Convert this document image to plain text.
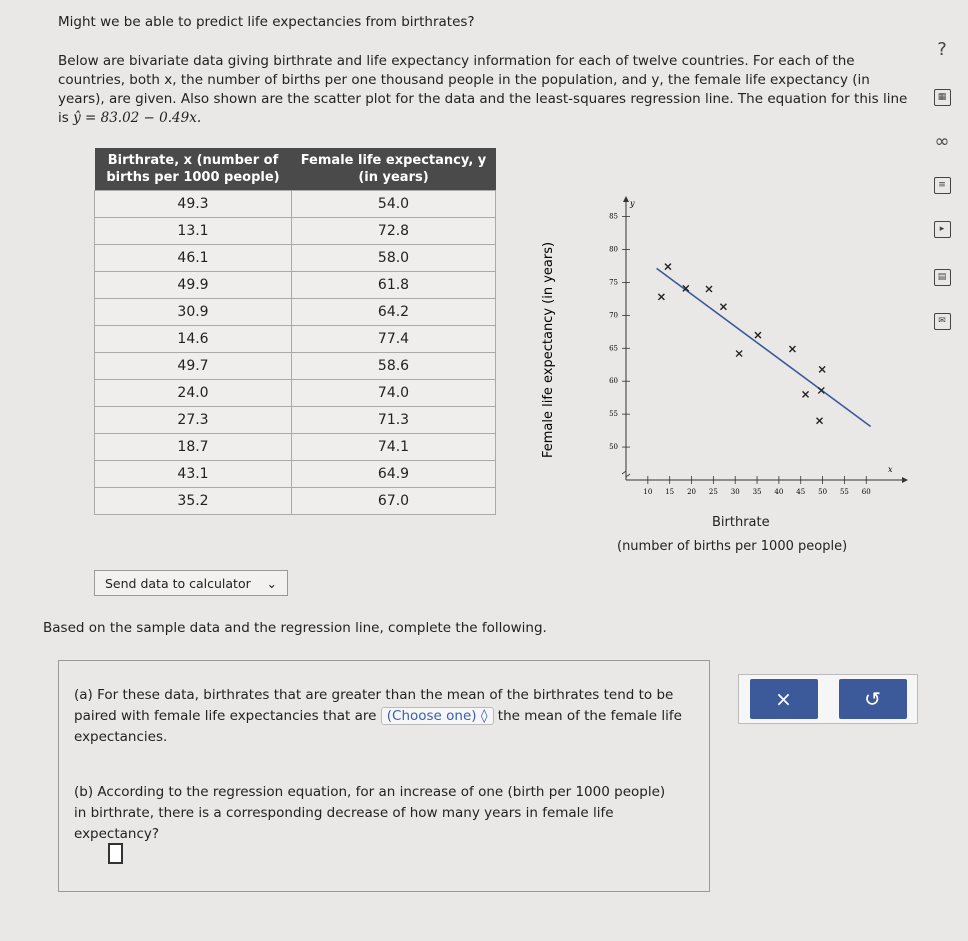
Might we be able to predict life expectancies from birthrates?
Below are bivariate data giving birthrate and life expectancy information for each of twelve countries. For each of the countries, both x, the number of births per one thousand people in the population, and y, the female life expectancy (in years), are given. Also shown are the scatter plot for the data and the least-squares regression line. The equation for this line is ŷ = 83.02 − 0.49x.
?
▦
∞
≡
▸
▤
✉
Birthrate, x (number of births per 1000 people)	Female life expectancy, y (in years)
49.3	54.0
13.1	72.8
46.1	58.0
49.9	61.8
30.9	64.2
14.6	77.4
49.7	58.6
24.0	74.0
27.3	71.3
18.7	74.1
43.1	64.9
35.2	67.0
Send data to calculator ⌄
x
y
10 15 20 25 30 35 40 45 50 55 60
50
55
60
65
70
75
80
85
Female life expectancy (in years)
Birthrate
(number of births per 1000 people)
Based on the sample data and the regression line, complete the following.
(a) For these data, birthrates that are greater than the mean of the birthrates tend to be paired with female life expectancies that are (Choose one) ◊ the mean of the female life expectancies.
(b) According to the regression equation, for an increase of one (birth per 1000 people) in birthrate, there is a corresponding decrease of how many years in female life expectancy?
×	↺
